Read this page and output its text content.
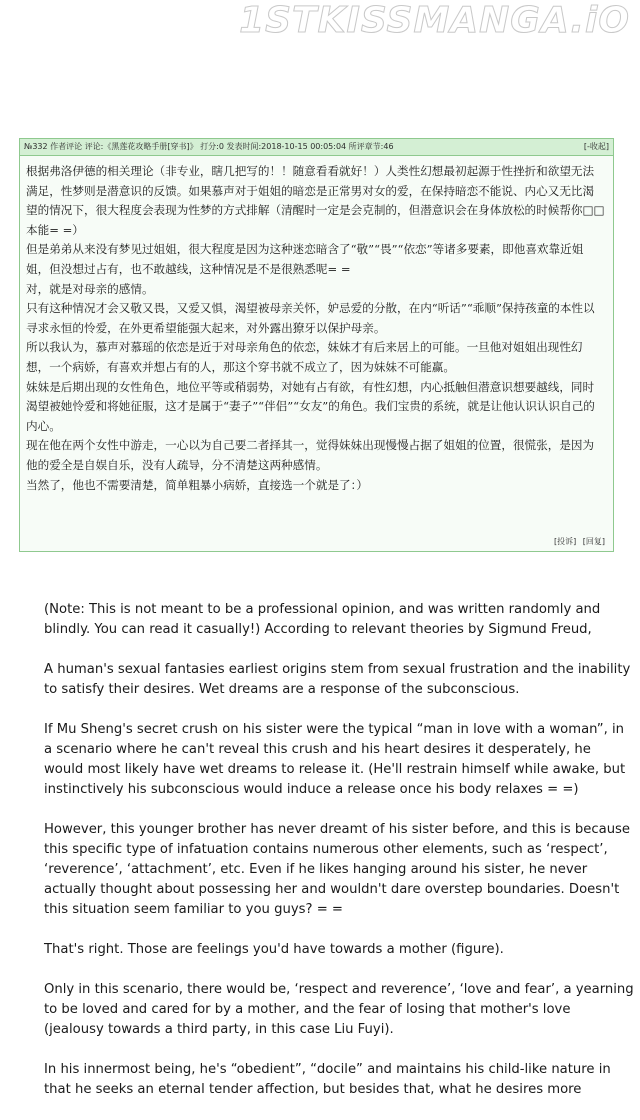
1STKISSMANGA.iO
№332 作者评论 评论:《黑莲花攻略手册[穿书]》 打分:0 发表时间:2018-10-15 00:05:04 所评章节:46	[-收起]

根据弗洛伊德的相关理论（非专业，瞎几把写的！！随意看看就好！）人类性幻想最初起源于性挫折和欲望无法满足，性梦则是潜意识的反馈。如果慕声对于姐姐的暗恋是正常男对女的爱，在保持暗恋不能说、内心又无比渴望的情况下，很大程度会表现为性梦的方式排解（清醒时一定是会克制的，但潜意识会在身体放松的时候帮你□□本能= =）

但是弟弟从来没有梦见过姐姐，很大程度是因为这种迷恋暗含了“敬”“畏”“依恋”等诸多要素，即他喜欢靠近姐姐，但没想过占有，也不敢越线，这种情况是不是很熟悉呢= =

对，就是对母亲的感情。

只有这种情况才会又敬又畏，又爱又惧，渴望被母亲关怀，妒忌爱的分散，在内“听话”“乖顺”保持孩童的本性以寻求永恒的怜爱，在外更希望能强大起来，对外露出獠牙以保护母亲。

所以我认为，慕声对慕瑶的依恋是近于对母亲角色的依恋，妹妹才有后来居上的可能。一旦他对姐姐出现性幻想，一个病娇，有喜欢并想占有的人，那这个穿书就不成立了，因为妹妹不可能赢。

妹妹是后期出现的女性角色，地位平等或稍弱势，对她有占有欲，有性幻想，内心抵触但潜意识想要越线，同时渴望被她怜爱和将她征服，这才是属于“妻子”“伴侣”“女友”的角色。我们宝贵的系统，就是让他认识认识自己的内心。

现在他在两个女性中游走，一心以为自己要二者择其一，觉得妹妹出现慢慢占据了姐姐的位置，很慌张，是因为他的爱全是自娱自乐，没有人疏导，分不清楚这两种感情。

当然了，他也不需要清楚，简单粗暴小病娇，直接选一个就是了：）

[投诉] [回复]

(Note: This is not meant to be a professional opinion, and was written randomly and blindly. You can read it casually!) According to relevant theories by Sigmund Freud,

A human's sexual fantasies earliest origins stem from sexual frustration and the inability to satisfy their desires. Wet dreams are a response of the subconscious.

If Mu Sheng's secret crush on his sister were the typical “man in love with a woman”, in a scenario where he can't reveal this crush and his heart desires it desperately, he would most likely have wet dreams to release it. (He'll restrain himself while awake, but instinctively his subconscious would induce a release once his body relaxes = =)

However, this younger brother has never dreamt of his sister before, and this is because this specific type of infatuation contains numerous other elements, such as ‘respect’, ‘reverence’, ‘attachment’, etc. Even if he likes hanging around his sister, he never actually thought about possessing her and wouldn't dare overstep boundaries. Doesn't this situation seem familiar to you guys? = =

That's right. Those are feelings you'd have towards a mother (figure).

Only in this scenario, there would be, ‘respect and reverence’, ‘love and fear’, a yearning to be loved and cared for by a mother, and the fear of losing that mother's love (jealousy towards a third party, in this case Liu Fuyi).

In his innermost being, he's “obedient”, “docile” and maintains his child-like nature in that he seeks an eternal tender affection, but besides that, what he desires more
